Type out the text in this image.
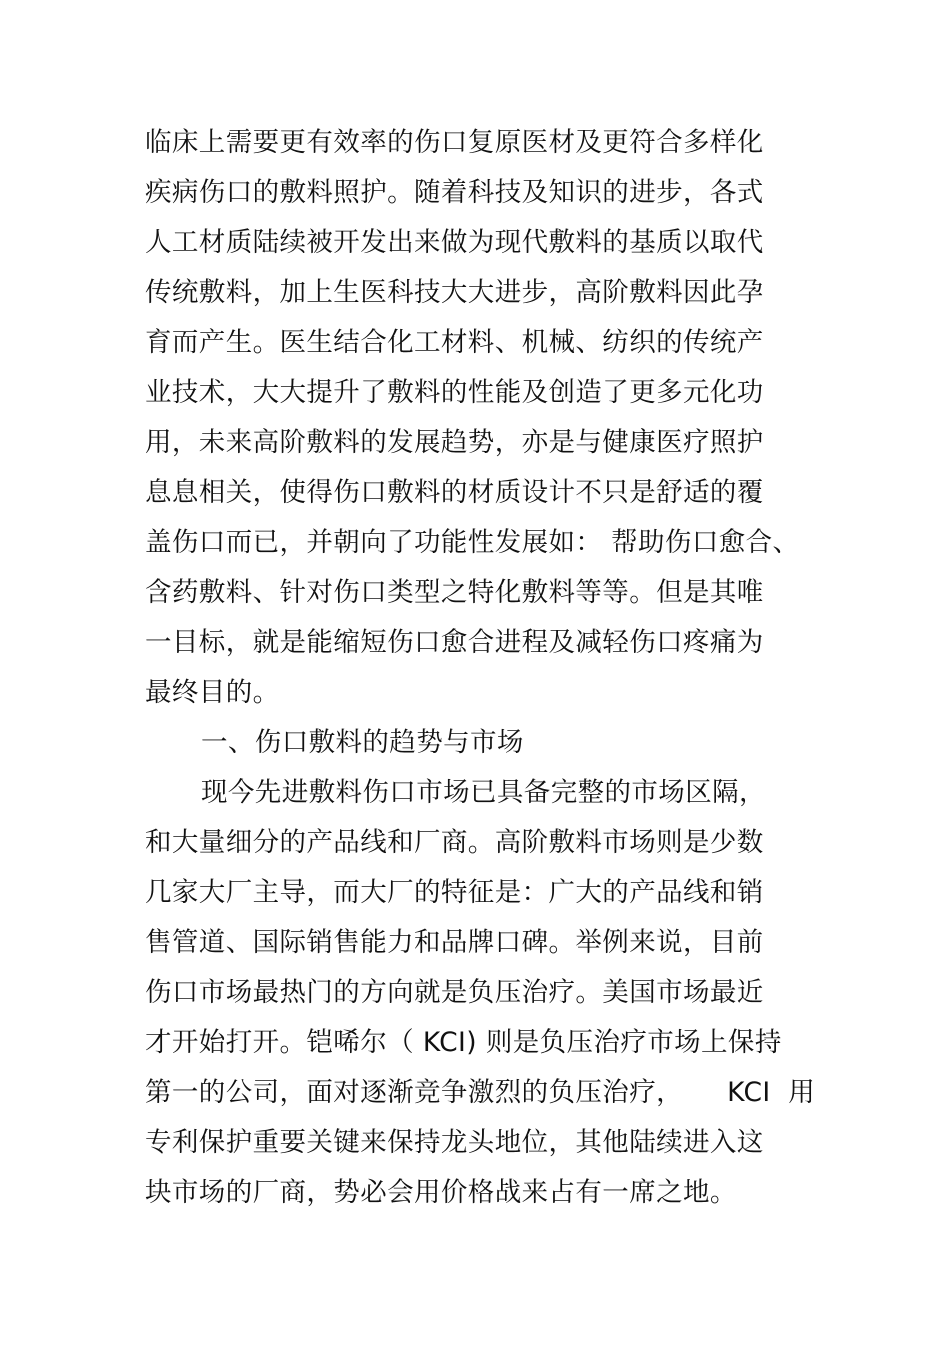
临床上需要更有效率的伤口复原医材及更符合多样化
疾病伤口的敷料照护。随着科技及知识的进步，各式
人工材质陆续被开发出来做为现代敷料的基质以取代
传统敷料，加上生医科技大大进步，高阶敷料因此孕
育而产生。医生结合化工材料、机械、纺织的传统产
业技术，大大提升了敷料的性能及创造了更多元化功
用，未来高阶敷料的发展趋势，亦是与健康医疗照护
息息相关，使得伤口敷料的材质设计不只是舒适的覆
盖伤口而已，并朝向了功能性发展如： 帮助伤口愈合、
含药敷料、针对伤口类型之特化敷料等等。但是其唯
一目标，就是能缩短伤口愈合进程及减轻伤口疼痛为
最终目的。
一、伤口敷料的趋势与市场
现今先进敷料伤口市场已具备完整的市场区隔，
和大量细分的产品线和厂商。高阶敷料市场则是少数
几家大厂主导，而大厂的特征是：广大的产品线和销
售管道、国际销售能力和品牌口碑。举例来说，目前
伤口市场最热门的方向就是负压治疗。美国市场最近
才开始打开。铠唏尔（ KCI) 则是负压治疗市场上保持
第一的公司，面对逐渐竞争激烈的负压治疗，     KCI  用
专利保护重要关键来保持龙头地位，其他陆续进入这
块市场的厂商，势必会用价格战来占有一席之地。
